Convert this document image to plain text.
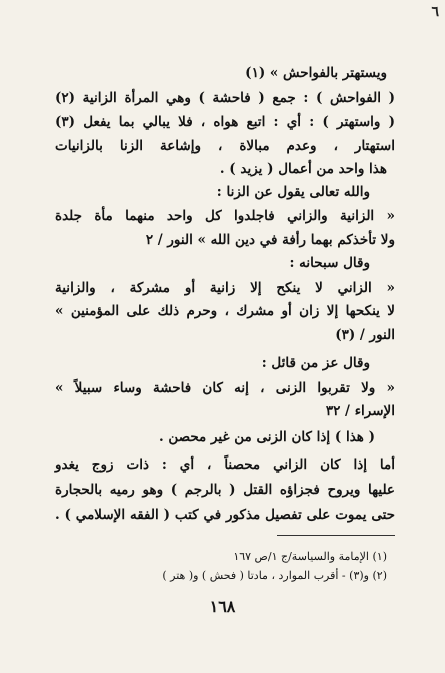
٦
ويستهتر بالفواحش » (١)
( الفواحش ) : جمع ( فاحشة ) وهي المرأة الزانية (٢)
( واستهتر ) : أي : اتبع هواه ، فلا يبالي بما يفعل (٣)
استهتار ، وعدم مبالاة ، وإشاعة الزنا بالزانيات
هذا واحد من أعمال ( يزيد ) .
والله تعالى يقول عن الزنا :
« الزانية والزاني فاجلدوا كل واحد منهما مأة جلدة
ولا تأخذكم بهما رأفة في دين الله » النور / ٢
وقال سبحانه :
« الزاني لا ينكح إلا زانية أو مشركة ، والزانية
لا ينكحها إلا زان أو مشرك ، وحرم ذلك على المؤمنين »
النور / (٣)
وقال عز من قائل :
« ولا تقربوا الزنى ، إنه كان فاحشة وساء سبيلاً »
الإسراء / ٣٢
( هذا ) إذا كان الزنى من غير محصن .
أما إذا كان الزاني محصناً ، أي : ذات زوج يغدو
عليها ويروح فجزاؤه القتل ( بالرجم ) وهو رميه بالحجارة
حتى يموت على تفصيل مذكور في كتب ( الفقه الإسلامي ) .
(١) الإمامة والسياسة/ج ١/ص ١٦٧
(٢) و(٣) - أقرب الموارد ، مادتا ( فحش ) و( هتر )
١٦٨
